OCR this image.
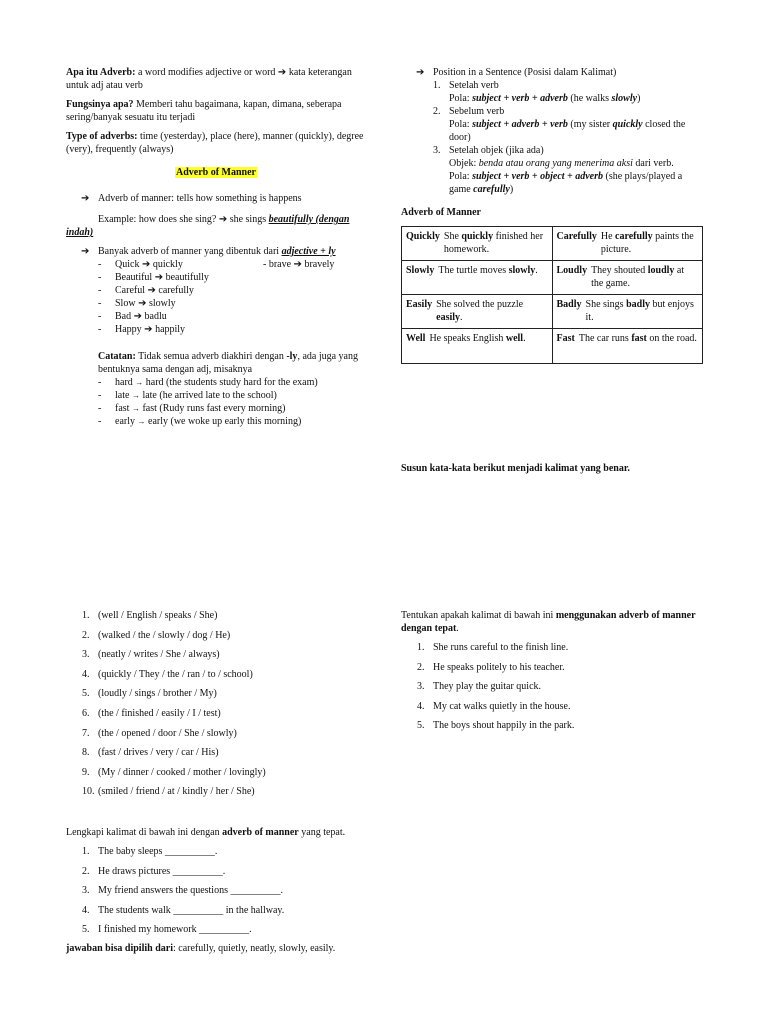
Apa itu Adverb: a word modifies adjective or word ➔ kata keterangan untuk adj atau verb

Fungsinya apa? Memberi tahu bagaimana, kapan, dimana, seberapa sering/banyak sesuatu itu terjadi

Type of adverbs: time (yesterday), place (here), manner (quickly), degree (very), frequently (always)

Adverb of Manner

➔ Adverb of manner: tells how something is happens

Example: how does she sing? ➔ she sings beautifully (dengan indah)

➔ Banyak adverb of manner yang dibentuk dari adjective + ly
-	Quick ➔ quickly
-	Beautiful ➔ beautifully
-	Careful ➔ carefully
-	Slow ➔ slowly
-	Bad ➔ badlu
-	Happy ➔ happily
- brave ➔ bravely

Catatan: Tidak semua adverb diakhiri dengan -ly, ada juga yang bentuknya sama dengan adj, misaknya

-	hard → hard (the students study hard for the exam)
-	late → late (he arrived late to the school)
-	fast → fast (Rudy runs fast every morning)
-	early → early (we woke up early this morning)
➔ Position in a Sentence (Posisi dalam Kalimat)
1. Setelah verb
Pola: subject + verb + adverb (he walks slowly)
2. Sebelum verb
Pola: subject + adverb + verb (my sister quickly closed the door)
3. Setelah objek (jika ada)
Objek: benda atau orang yang menerima aksi dari verb.
Pola: subject + verb + object + adverb (she plays/played a game carefully)

Adverb of Manner

Quickly She quickly finished her homework.	Carefully He carefully paints the picture.

Slowly The turtle moves slowly.	Loudly They shouted loudly at the game.

Easily She solved the puzzle easily.	Badly She sings badly but enjoys it.

Well He speaks English well.	Fast The car runs fast on the road.

Susun kata-kata berikut menjadi kalimat yang benar.

1. (well / English / speaks / She)
2. (walked / the / slowly / dog / He)
3. (neatly / writes / She / always)
4. (quickly / They / the / ran / to / school)
5. (loudly / sings / brother / My)
6. (the / finished / easily / I / test)
7. (the / opened / door / She / slowly)
8. (fast / drives / very / car / His)
9. (My / dinner / cooked / mother / lovingly)
10. (smiled / friend / at / kindly / her / She)

Tentukan apakah kalimat di bawah ini menggunakan adverb of manner dengan tepat.

1. She runs careful to the finish line.
2. He speaks politely to his teacher.
3. They play the guitar quick.
4. My cat walks quietly in the house.
5. The boys shout happily in the park.

Lengkapi kalimat di bawah ini dengan adverb of manner yang tepat.

1. The baby sleeps __________.
2. He draws pictures __________.
3. My friend answers the questions __________.
4. The students walk __________ in the hallway.
5. I finished my homework __________.

jawaban bisa dipilih dari: carefully, quietly, neatly, slowly, easily.
